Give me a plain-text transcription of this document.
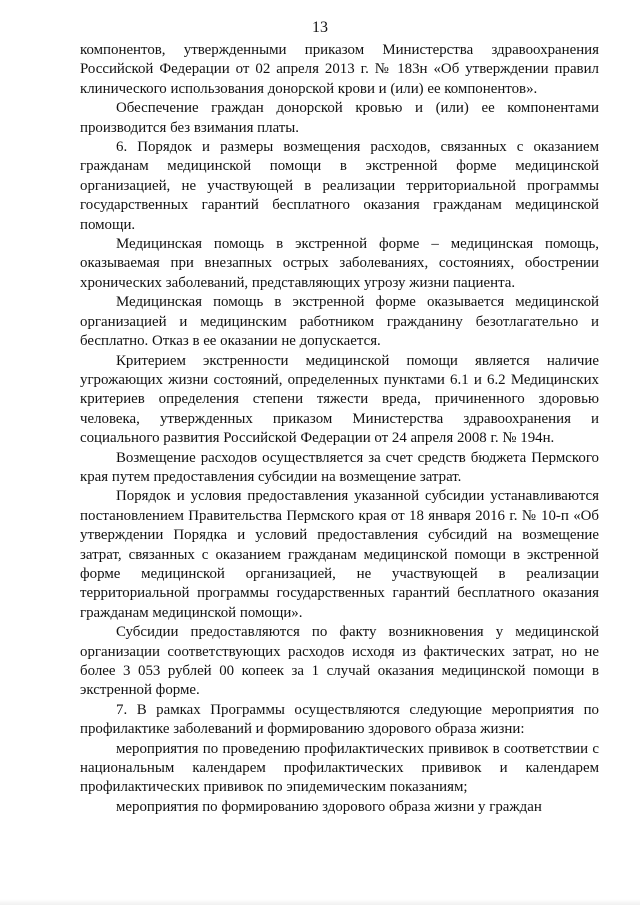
13

компонентов, утвержденными приказом Министерства здравоохранения Российской Федерации от 02 апреля 2013 г. № 183н «Об утверждении правил клинического использования донорской крови и (или) ее компонентов».

Обеспечение граждан донорской кровью и (или) ее компонентами производится без взимания платы.

6. Порядок и размеры возмещения расходов, связанных с оказанием гражданам медицинской помощи в экстренной форме медицинской организацией, не участвующей в реализации территориальной программы государственных гарантий бесплатного оказания гражданам медицинской помощи.

Медицинская помощь в экстренной форме – медицинская помощь, оказываемая при внезапных острых заболеваниях, состояниях, обострении хронических заболеваний, представляющих угрозу жизни пациента.

Медицинская помощь в экстренной форме оказывается медицинской организацией и медицинским работником гражданину безотлагательно и бесплатно. Отказ в ее оказании не допускается.

Критерием экстренности медицинской помощи является наличие угрожающих жизни состояний, определенных пунктами 6.1 и 6.2 Медицинских критериев определения степени тяжести вреда, причиненного здоровью человека, утвержденных приказом Министерства здравоохранения и социального развития Российской Федерации от 24 апреля 2008 г. № 194н.

Возмещение расходов осуществляется за счет средств бюджета Пермского края путем предоставления субсидии на возмещение затрат.

Порядок и условия предоставления указанной субсидии устанавливаются постановлением Правительства Пермского края от 18 января 2016 г. № 10-п «Об утверждении Порядка и условий предоставления субсидий на возмещение затрат, связанных с оказанием гражданам медицинской помощи в экстренной форме медицинской организацией, не участвующей в реализации территориальной программы государственных гарантий бесплатного оказания гражданам медицинской помощи».

Субсидии предоставляются по факту возникновения у медицинской организации соответствующих расходов исходя из фактических затрат, но не более 3 053 рублей 00 копеек за 1 случай оказания медицинской помощи в экстренной форме.

7. В рамках Программы осуществляются следующие мероприятия по профилактике заболеваний и формированию здорового образа жизни:

мероприятия по проведению профилактических прививок в соответствии с национальным календарем профилактических прививок и календарем профилактических прививок по эпидемическим показаниям;

мероприятия по формированию здорового образа жизни у граждан
